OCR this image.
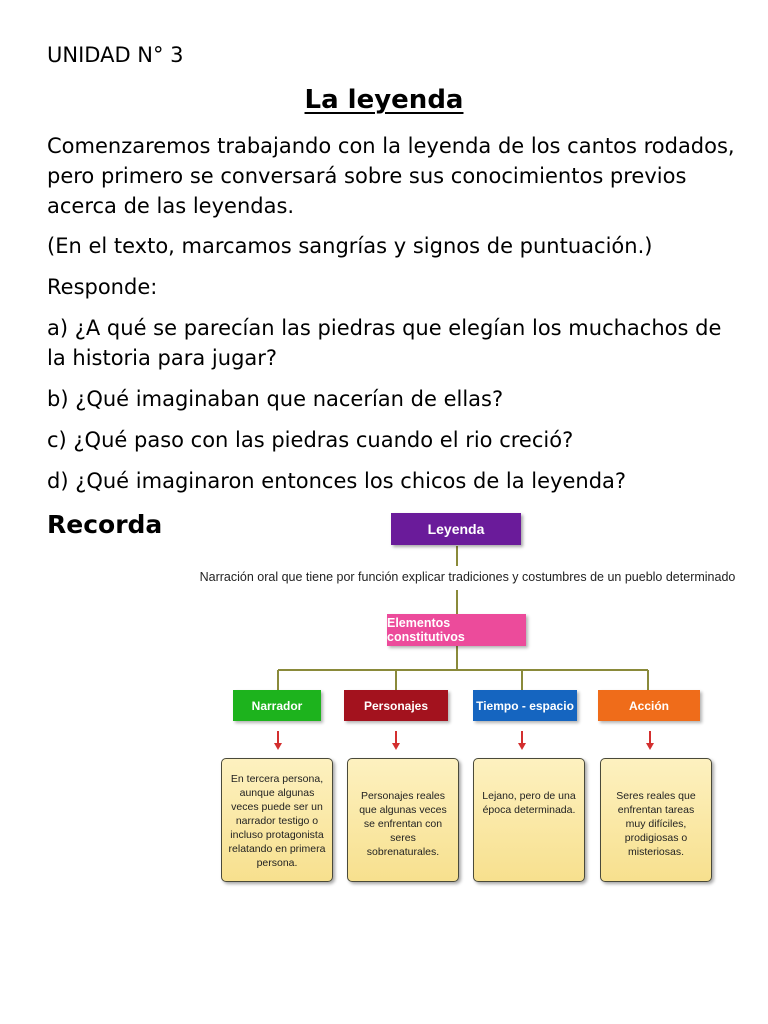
UNIDAD N° 3
La leyenda

Comenzaremos trabajando con la leyenda de los cantos rodados, pero primero se conversará sobre sus conocimientos previos acerca de las leyendas.

(En el texto, marcamos sangrías y signos de puntuación.)

Responde:

a) ¿A qué se parecían las piedras que elegían los muchachos de la historia para jugar?

b) ¿Qué imaginaban que nacerían de ellas?

c) ¿Qué paso con las piedras cuando el rio creció?

d) ¿Qué imaginaron entonces los chicos de la leyenda?

Recorda	Leyenda
Narración oral que tiene por función explicar tradiciones y costumbres de un pueblo determinado
Elementos constitutivos
Narrador	Personajes	Tiempo - espacio	Acción
En tercera persona, aunque algunas veces puede ser un narrador testigo o incluso protagonista relatando en primera persona.
Personajes reales que algunas veces se enfrentan con seres sobrenaturales.
Lejano, pero de una época determinada.
Seres reales que enfrentan tareas muy difíciles, prodigiosas o misteriosas.
